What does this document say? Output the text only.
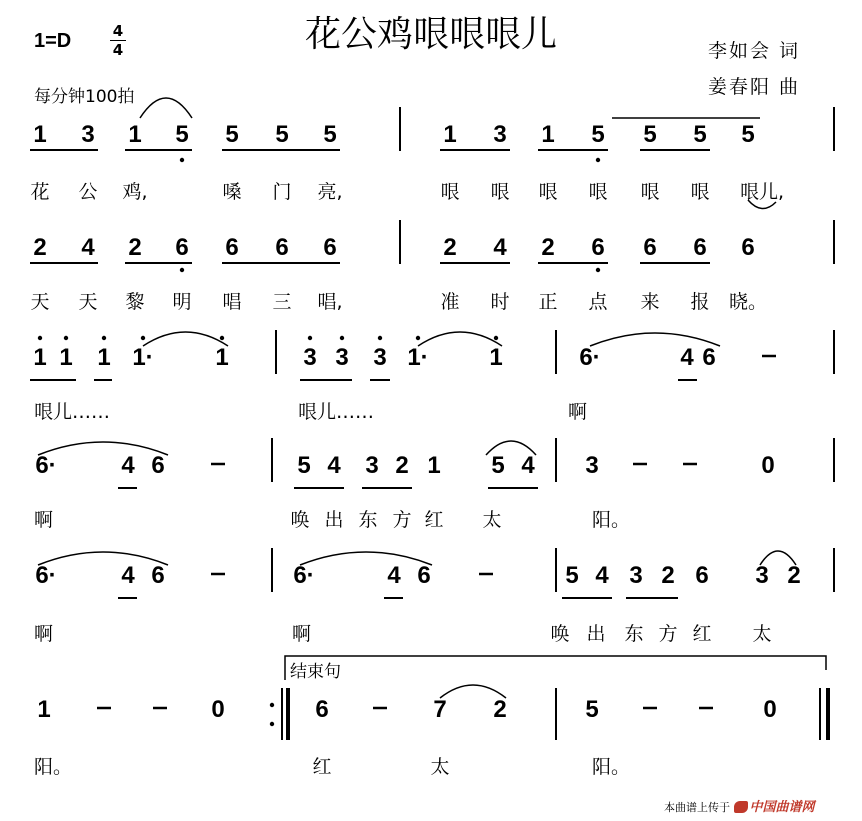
花公鸡哏哏哏儿
1=D	4
4
每分钟100拍
李如会 词
姜春阳 曲
本曲谱上传于 中国曲谱网
1 3 1 5 5 5 5
花 公 鸡,	嗓 门 亮,
1 3 1 5 5 5 5
哏 哏 哏 哏 哏 哏 哏儿,
2 4 2 6 6 6 6
天 天 黎 明 唱 三 唱,
2 4 2 6 6 6 6
准 时 正 点 来 报 晓。
1 1 1 1·	1
哏儿……
3 3 3 1·	1
哏儿……
6·	4 6
啊
6·	4 6
啊
5 4 3 2 1 5 4
唤 出 东 方 红 太
3	0
阳。
6·	4 6
啊
6·	4 6
啊
5 4 3 2 6 3 2
唤 出 东 方 红 太
1	0
阳。
6	7 2
红	太
5	0
阳。
结束句
